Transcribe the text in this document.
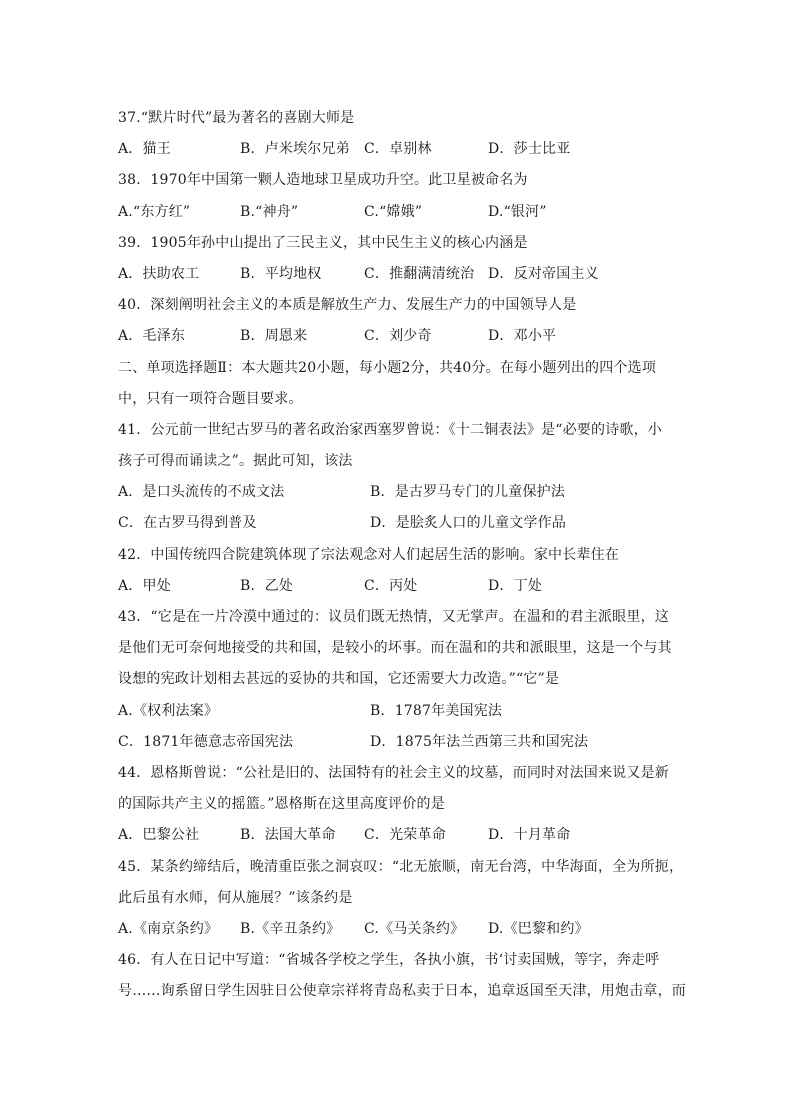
37.“默片时代”最为著名的喜剧大师是
A．猫王	B．卢米埃尔兄弟	C．卓别林	D．莎士比亚
38．1970年中国第一颗人造地球卫星成功升空。此卫星被命名为
A.“东方红”	B.“神舟”	C.“嫦娥”	D.“银河”
39．1905年孙中山提出了三民主义，其中民生主义的核心内涵是
A．扶助农工	B．平均地权	C．推翻满清统治 D．反对帝国主义
40．深刻阐明社会主义的本质是解放生产力、发展生产力的中国领导人是
A．毛泽东	B．周恩来	C．刘少奇	D．邓小平
二、单项选择题Ⅱ：本大题共20小题，每小题2分，共40分。在每小题列出的四个选项
中，只有一项符合题目要求。
41．公元前一世纪古罗马的著名政治家西塞罗曾说：《十二铜表法》是“必要的诗歌，小
孩子可得而诵读之”。据此可知，该法
A．是口头流传的不成文法	B．是古罗马专门的儿童保护法
C．在古罗马得到普及	D．是脍炙人口的儿童文学作品
42．中国传统四合院建筑体现了宗法观念对人们起居生活的影响。家中长辈住在
A．甲处	B．乙处	C．丙处	D．丁处
43．“它是在一片冷漠中通过的：议员们既无热情，又无掌声。在温和的君主派眼里，这
是他们无可奈何地接受的共和国，是较小的坏事。而在温和的共和派眼里，这是一个与其
设想的宪政计划相去甚远的妥协的共和国，它还需要大力改造。”“它”是
A.《权利法案》	B．1787年美国宪法
C．1871年德意志帝国宪法	D．1875年法兰西第三共和国宪法
44．恩格斯曾说：“公社是旧的、法国特有的社会主义的坟墓，而同时对法国来说又是新
的国际共产主义的摇篮。”恩格斯在这里高度评价的是
A．巴黎公社	B．法国大革命	C．光荣革命	D．十月革命
45．某条约缔结后，晚清重臣张之洞哀叹：“北无旅顺，南无台湾，中华海面，全为所扼，
此后虽有水师，何从施展？”该条约是
A.《南京条约》	B.《辛丑条约》	C.《马关条约》	D.《巴黎和约》
46．有人在日记中写道：“省城各学校之学生，各执小旗，书‘讨卖国贼，等字，奔走呼
号……询系留日学生因驻日公使章宗祥将青岛私卖于日本，追章返国至天津，用炮击章，而
